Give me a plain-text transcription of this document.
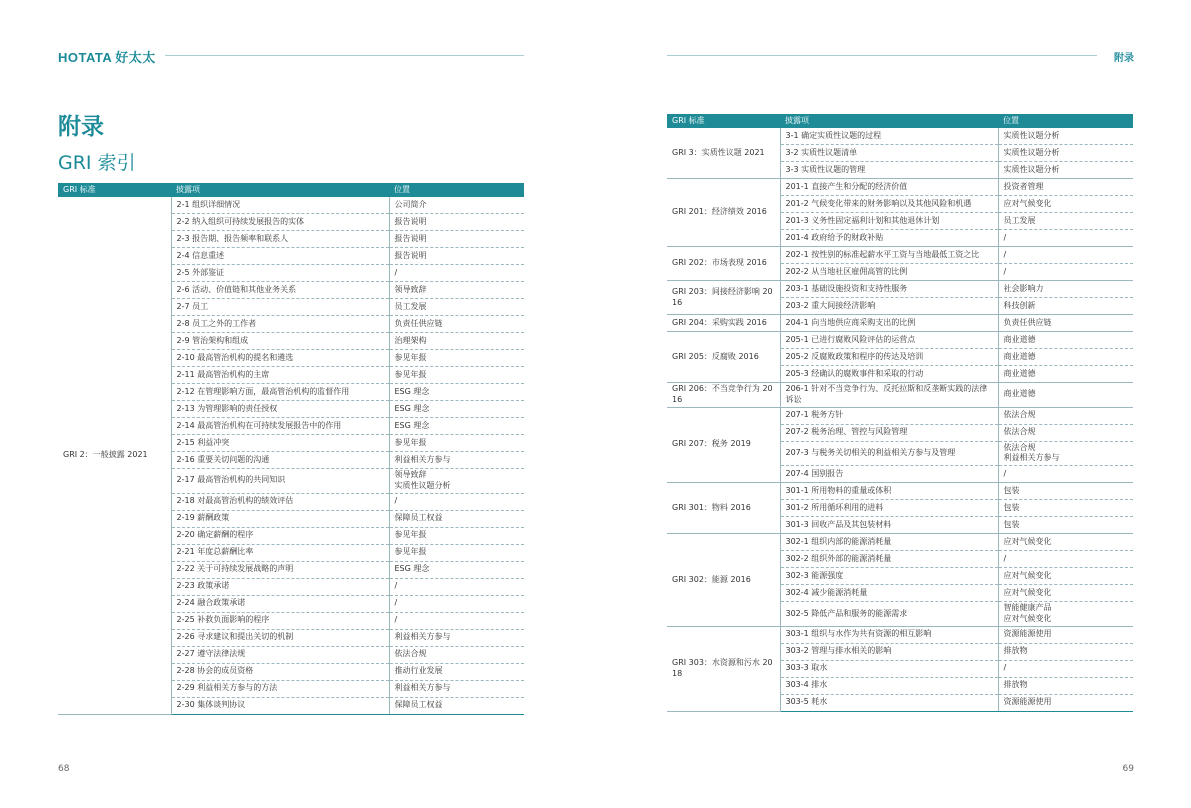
HOTATA 好太太	附录
附录
GRI 索引
GRI 标准	披露项	位置
GRI 2：一般披露 2021	2-1 组织详细情况	公司简介
	2-2 纳入组织可持续发展报告的实体	报告说明
	2-3 报告期、报告频率和联系人	报告说明
	2-4 信息重述	报告说明
	2-5 外部鉴证	/
	2-6 活动、价值链和其他业务关系	领导致辞
	2-7 员工	员工发展
	2-8 员工之外的工作者	负责任供应链
	2-9 管治架构和组成	治理架构
	2-10 最高管治机构的提名和遴选	参见年报
	2-11 最高管治机构的主席	参见年报
	2-12 在管理影响方面，最高管治机构的监督作用	ESG 理念
	2-13 为管理影响的责任授权	ESG 理念
	2-14 最高管治机构在可持续发展报告中的作用	ESG 理念
	2-15 利益冲突	参见年报
	2-16 重要关切问题的沟通	利益相关方参与
	2-17 最高管治机构的共同知识	领导致辞
实质性议题分析
	2-18 对最高管治机构的绩效评估	/
	2-19 薪酬政策	保障员工权益
	2-20 确定薪酬的程序	参见年报
	2-21 年度总薪酬比率	参见年报
	2-22 关于可持续发展战略的声明	ESG 理念
	2-23 政策承诺	/
	2-24 融合政策承诺	/
	2-25 补救负面影响的程序	/
	2-26 寻求建议和提出关切的机制	利益相关方参与
	2-27 遵守法律法规	依法合规
	2-28 协会的成员资格	推动行业发展
	2-29 利益相关方参与的方法	利益相关方参与
	2-30 集体谈判协议	保障员工权益
GRI 标准	披露项	位置
GRI 3：实质性议题 2021	3-1 确定实质性议题的过程	实质性议题分析
	3-2 实质性议题清单	实质性议题分析
	3-3 实质性议题的管理	实质性议题分析
GRI 201：经济绩效 2016	201-1 直接产生和分配的经济价值	投资者管理
	201-2 气候变化带来的财务影响以及其他风险和机遇	应对气候变化
	201-3 义务性固定福利计划和其他退休计划	员工发展
	201-4 政府给予的财政补贴	/
GRI 202：市场表现 2016	202-1 按性别的标准起薪水平工资与当地最低工资之比	/
	202-2 从当地社区雇佣高管的比例	/
GRI 203：间接经济影响 2016	203-1 基础设施投资和支持性服务	社会影响力
	203-2 重大间接经济影响	科技创新
GRI 204：采购实践 2016	204-1 向当地供应商采购支出的比例	负责任供应链
GRI 205：反腐败 2016	205-1 已进行腐败风险评估的运营点	商业道德
	205-2 反腐败政策和程序的传达及培训	商业道德
	205-3 经确认的腐败事件和采取的行动	商业道德
GRI 206：不当竞争行为 2016	206-1 针对不当竞争行为、反托拉斯和反垄断实践的法律诉讼	商业道德
GRI 207：税务 2019	207-1 税务方针	依法合规
	207-2 税务治理、管控与风险管理	依法合规
	207-3 与税务关切相关的利益相关方参与及管理	依法合规
利益相关方参与
	207-4 国别报告	/
GRI 301：物料 2016	301-1 所用物料的重量或体积	包装
	301-2 所用循环利用的进料	包装
	301-3 回收产品及其包装材料	包装
GRI 302：能源 2016	302-1 组织内部的能源消耗量	应对气候变化
	302-2 组织外部的能源消耗量	/
	302-3 能源强度	应对气候变化
	302-4 减少能源消耗量	应对气候变化
	302-5 降低产品和服务的能源需求	智能健康产品
应对气候变化
GRI 303：水资源和污水 2018	303-1 组织与水作为共有资源的相互影响	资源能源使用
	303-2 管理与排水相关的影响	排放物
	303-3 取水	/
	303-4 排水	排放物
	303-5 耗水	资源能源使用
68	69
